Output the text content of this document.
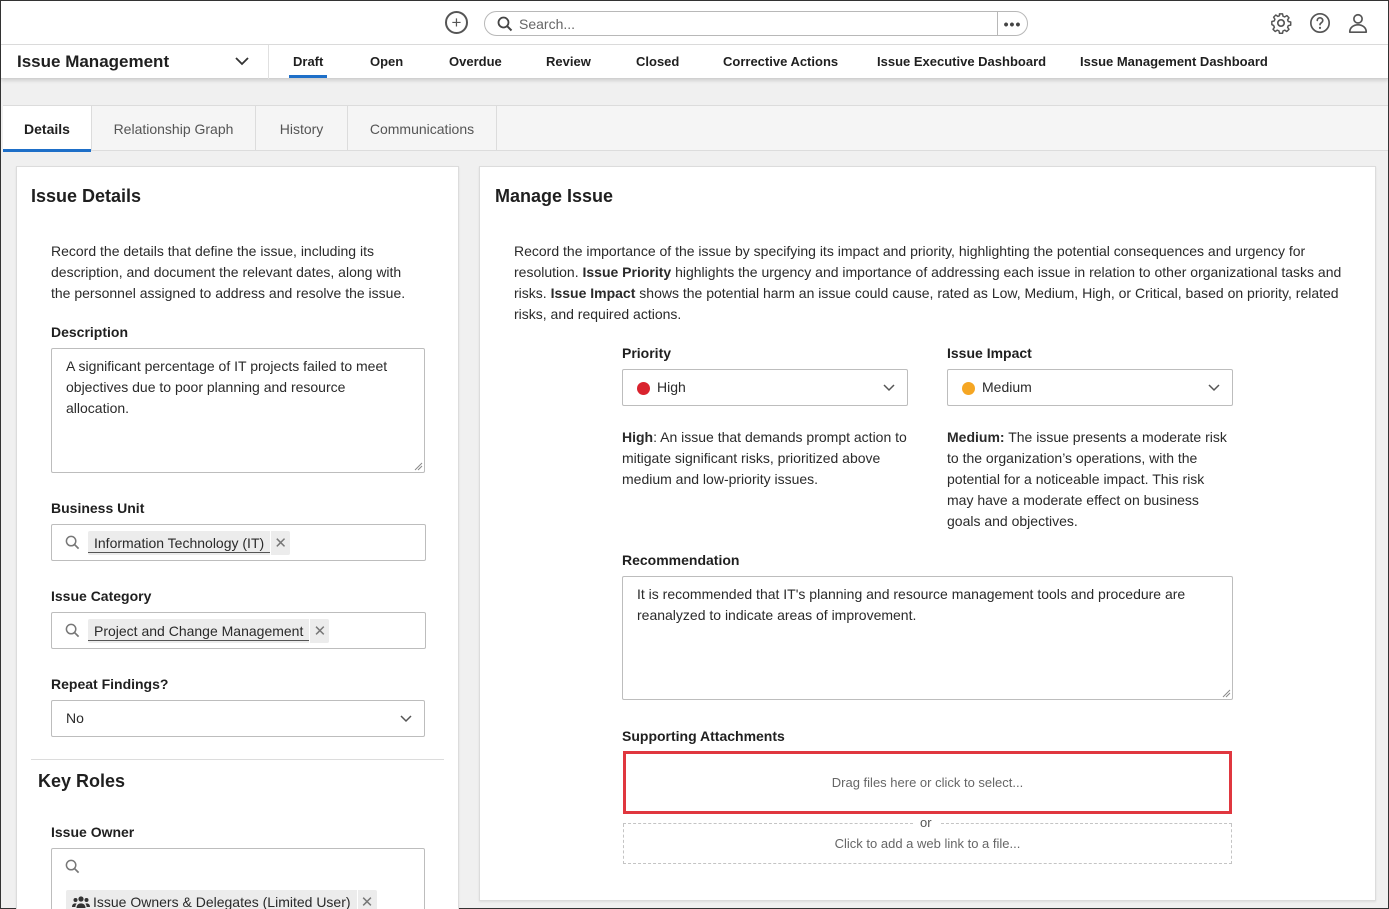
+
Search...	•••
Issue Management	Draft	Open	Overdue	Review	Closed	Corrective Actions	Issue Executive Dashboard	Issue Management Dashboard
Details	Relationship Graph	History	Communications
Issue Details
Record the details that define the issue, including its description, and document the relevant dates, along with the personnel assigned to address and resolve the issue.
Description
A significant percentage of IT projects failed to meet objectives due to poor planning and resource allocation.
Business Unit
Information Technology (IT) ✕
Issue Category
Project and Change Management ✕
Repeat Findings?
No
Key Roles
Issue Owner
Issue Owners & Delegates (Limited User) ✕
Manage Issue
Record the importance of the issue by specifying its impact and priority, highlighting the potential consequences and urgency for
resolution. Issue Priority highlights the urgency and importance of addressing each issue in relation to other organizational tasks and
risks. Issue Impact shows the potential harm an issue could cause, rated as Low, Medium, High, or Critical, based on priority, related
risks, and required actions.
Priority
High
High: An issue that demands prompt action to mitigate significant risks, prioritized above medium and low-priority issues.
Issue Impact
Medium
Medium: The issue presents a moderate risk to the organization’s operations, with the potential for a noticeable impact. This risk may have a moderate effect on business goals and objectives.
Recommendation
It is recommended that IT's planning and resource management tools and procedure are reanalyzed to indicate areas of improvement.
Supporting Attachments
Drag files here or click to select...
or
Click to add a web link to a file...
